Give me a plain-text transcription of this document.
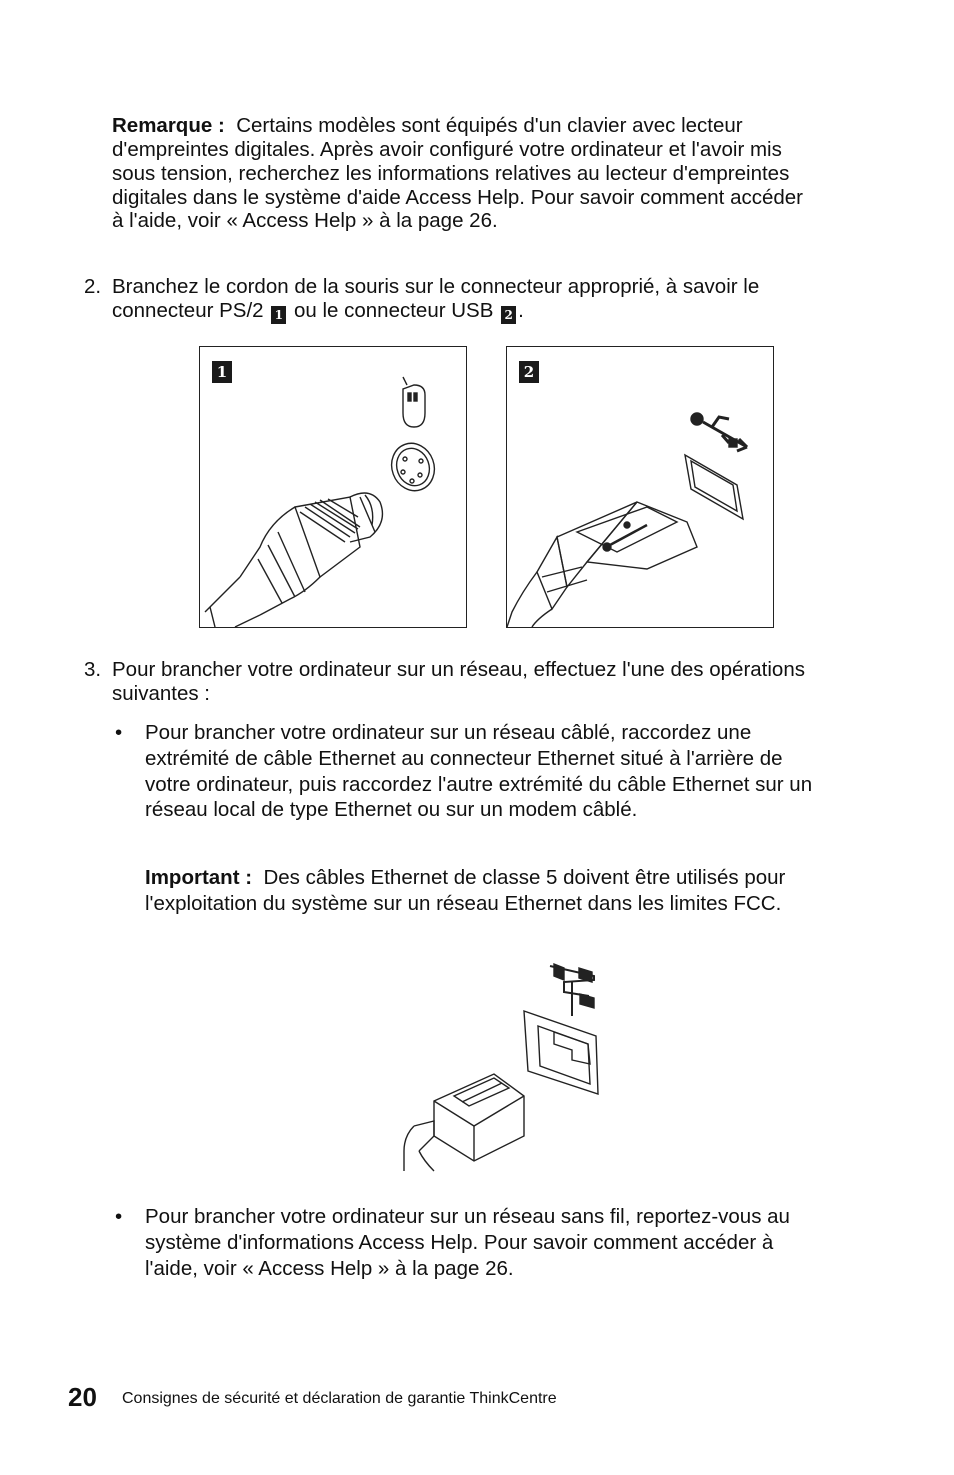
Remarque : Certains modèles sont équipés d'un clavier avec lecteur
d'empreintes digitales. Après avoir configuré votre ordinateur et l'avoir mis
sous tension, recherchez les informations relatives au lecteur d'empreintes
digitales dans le système d'aide Access Help. Pour savoir comment accéder
à l'aide, voir « Access Help » à la page 26.
2. Branchez le cordon de la souris sur le connecteur approprié, à savoir le
connecteur PS/2 1 ou le connecteur USB 2 .
1	2
3. Pour brancher votre ordinateur sur un réseau, effectuez l'une des opérations
suivantes :
• Pour brancher votre ordinateur sur un réseau câblé, raccordez une
extrémité de câble Ethernet au connecteur Ethernet situé à l'arrière de
votre ordinateur, puis raccordez l'autre extrémité du câble Ethernet sur un
réseau local de type Ethernet ou sur un modem câblé.
Important : Des câbles Ethernet de classe 5 doivent être utilisés pour
l'exploitation du système sur un réseau Ethernet dans les limites FCC.
• Pour brancher votre ordinateur sur un réseau sans fil, reportez-vous au
système d'informations Access Help. Pour savoir comment accéder à
l'aide, voir « Access Help » à la page 26.
20 Consignes de sécurité et déclaration de garantie ThinkCentre
